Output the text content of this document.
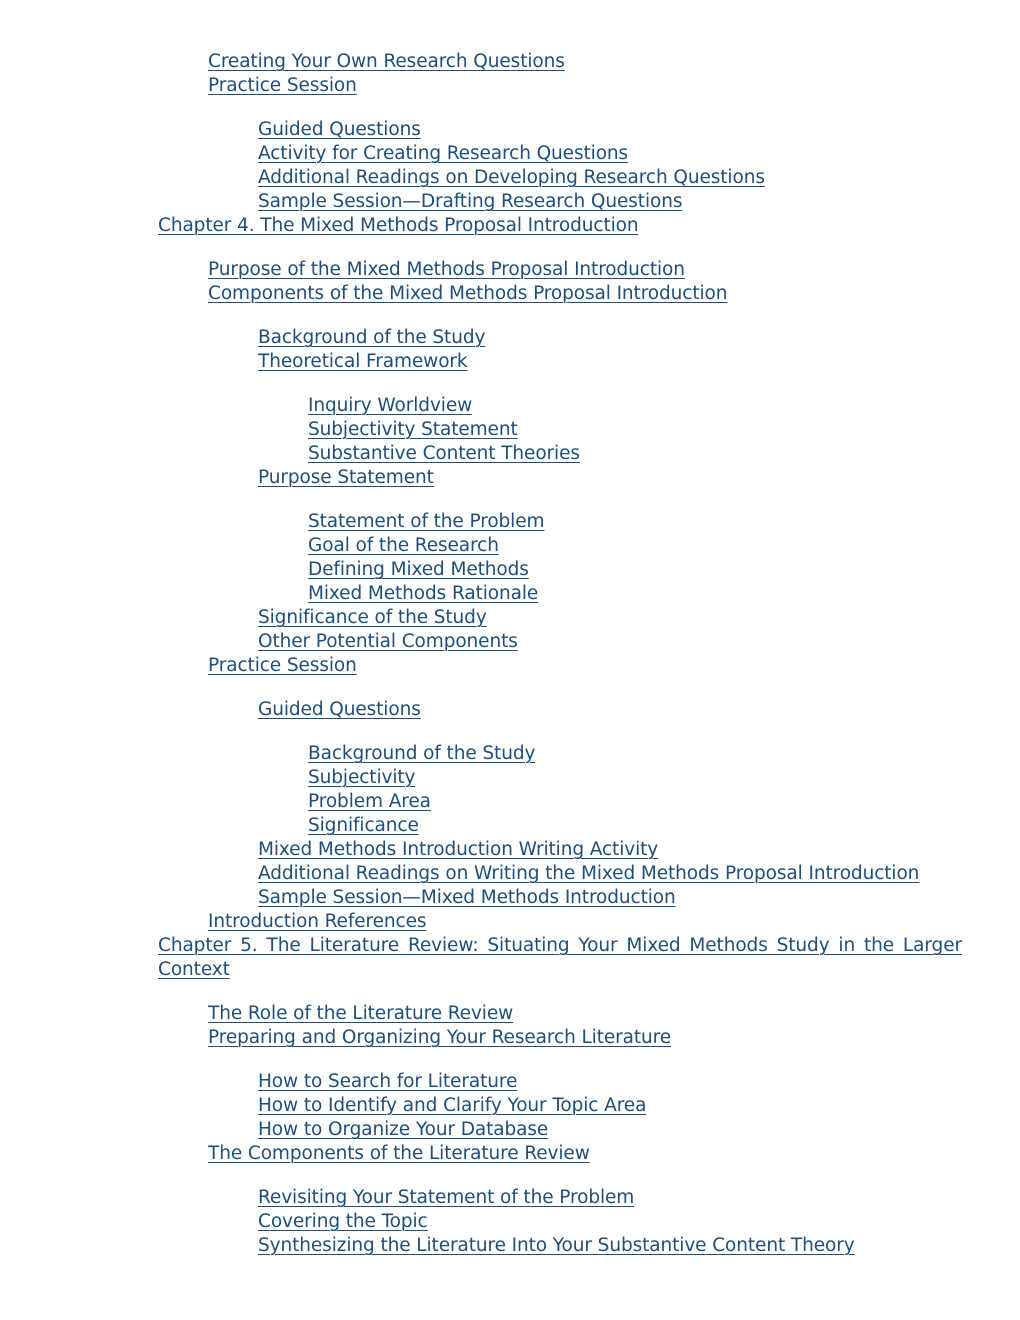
Creating Your Own Research Questions
Practice Session
Guided Questions
Activity for Creating Research Questions
Additional Readings on Developing Research Questions
Sample Session—Drafting Research Questions
Chapter 4. The Mixed Methods Proposal Introduction
Purpose of the Mixed Methods Proposal Introduction
Components of the Mixed Methods Proposal Introduction
Background of the Study
Theoretical Framework
Inquiry Worldview
Subjectivity Statement
Substantive Content Theories
Purpose Statement
Statement of the Problem
Goal of the Research
Defining Mixed Methods
Mixed Methods Rationale
Significance of the Study
Other Potential Components
Practice Session
Guided Questions
Background of the Study
Subjectivity
Problem Area
Significance
Mixed Methods Introduction Writing Activity
Additional Readings on Writing the Mixed Methods Proposal Introduction
Sample Session—Mixed Methods Introduction
Introduction References
Chapter 5. The Literature Review: Situating Your Mixed Methods Study in the Larger Context
The Role of the Literature Review
Preparing and Organizing Your Research Literature
How to Search for Literature
How to Identify and Clarify Your Topic Area
How to Organize Your Database
The Components of the Literature Review
Revisiting Your Statement of the Problem
Covering the Topic
Synthesizing the Literature Into Your Substantive Content Theory
